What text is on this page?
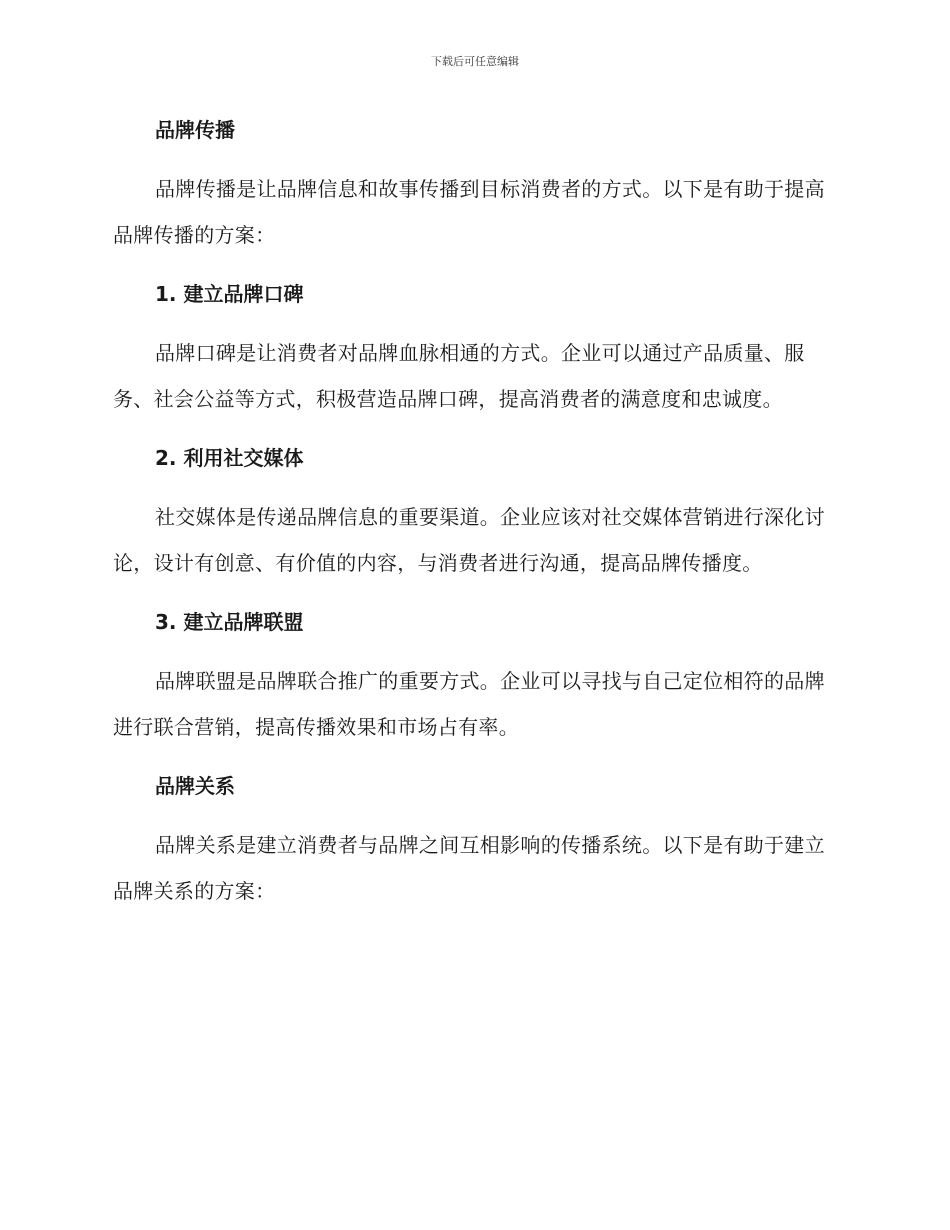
下载后可任意编辑
品牌传播

品牌传播是让品牌信息和故事传播到目标消费者的方式。以下是有助于提高品牌传播的方案：

1. 建立品牌口碑

品牌口碑是让消费者对品牌血脉相通的方式。企业可以通过产品质量、服务、社会公益等方式，积极营造品牌口碑，提高消费者的满意度和忠诚度。

2. 利用社交媒体

社交媒体是传递品牌信息的重要渠道。企业应该对社交媒体营销进行深化讨论，设计有创意、有价值的内容，与消费者进行沟通，提高品牌传播度。

3. 建立品牌联盟

品牌联盟是品牌联合推广的重要方式。企业可以寻找与自己定位相符的品牌进行联合营销，提高传播效果和市场占有率。

品牌关系

品牌关系是建立消费者与品牌之间互相影响的传播系统。以下是有助于建立品牌关系的方案：
